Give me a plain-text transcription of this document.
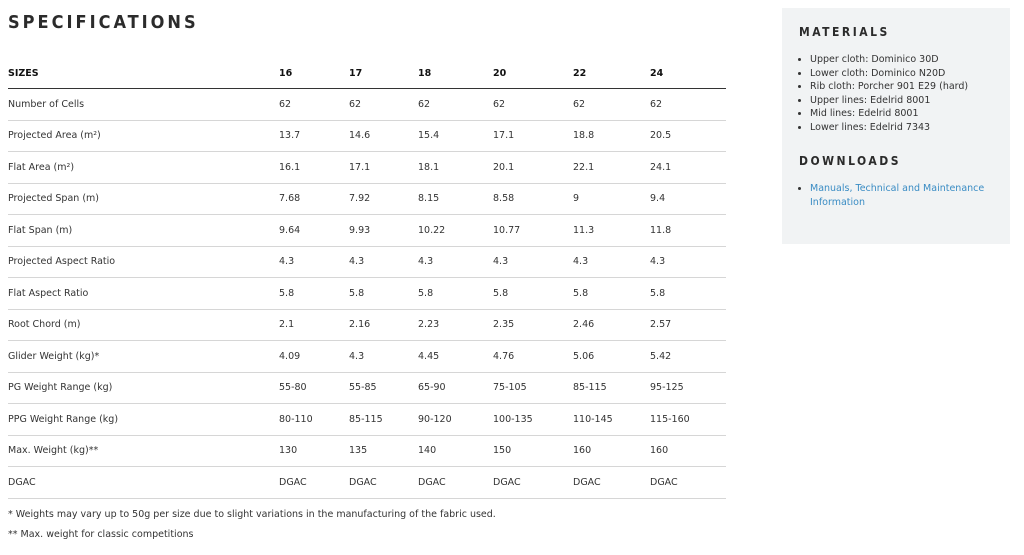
SPECIFICATIONS
SIZES	16	17	18	20	22	24
Number of Cells	62	62	62	62	62	62
Projected Area (m²)	13.7	14.6	15.4	17.1	18.8	20.5
Flat Area (m²)	16.1	17.1	18.1	20.1	22.1	24.1
Projected Span (m)	7.68	7.92	8.15	8.58	9	9.4
Flat Span (m)	9.64	9.93	10.22	10.77	11.3	11.8
Projected Aspect Ratio	4.3	4.3	4.3	4.3	4.3	4.3
Flat Aspect Ratio	5.8	5.8	5.8	5.8	5.8	5.8
Root Chord (m)	2.1	2.16	2.23	2.35	2.46	2.57
Glider Weight (kg)*	4.09	4.3	4.45	4.76	5.06	5.42
PG Weight Range (kg)	55-80	55-85	65-90	75-105	85-115	95-125
PPG Weight Range (kg)	80-110	85-115	90-120	100-135	110-145	115-160
Max. Weight (kg)**	130	135	140	150	160	160
DGAC	DGAC	DGAC	DGAC	DGAC	DGAC	DGAC
* Weights may vary up to 50g per size due to slight variations in the manufacturing of the fabric used.
** Max. weight for classic competitions
MATERIALS
• Upper cloth: Dominico 30D
• Lower cloth: Dominico N20D
• Rib cloth: Porcher 901 E29 (hard)
• Upper lines: Edelrid 8001
• Mid lines: Edelrid 8001
• Lower lines: Edelrid 7343
DOWNLOADS
• Manuals, Technical and Maintenance Information
